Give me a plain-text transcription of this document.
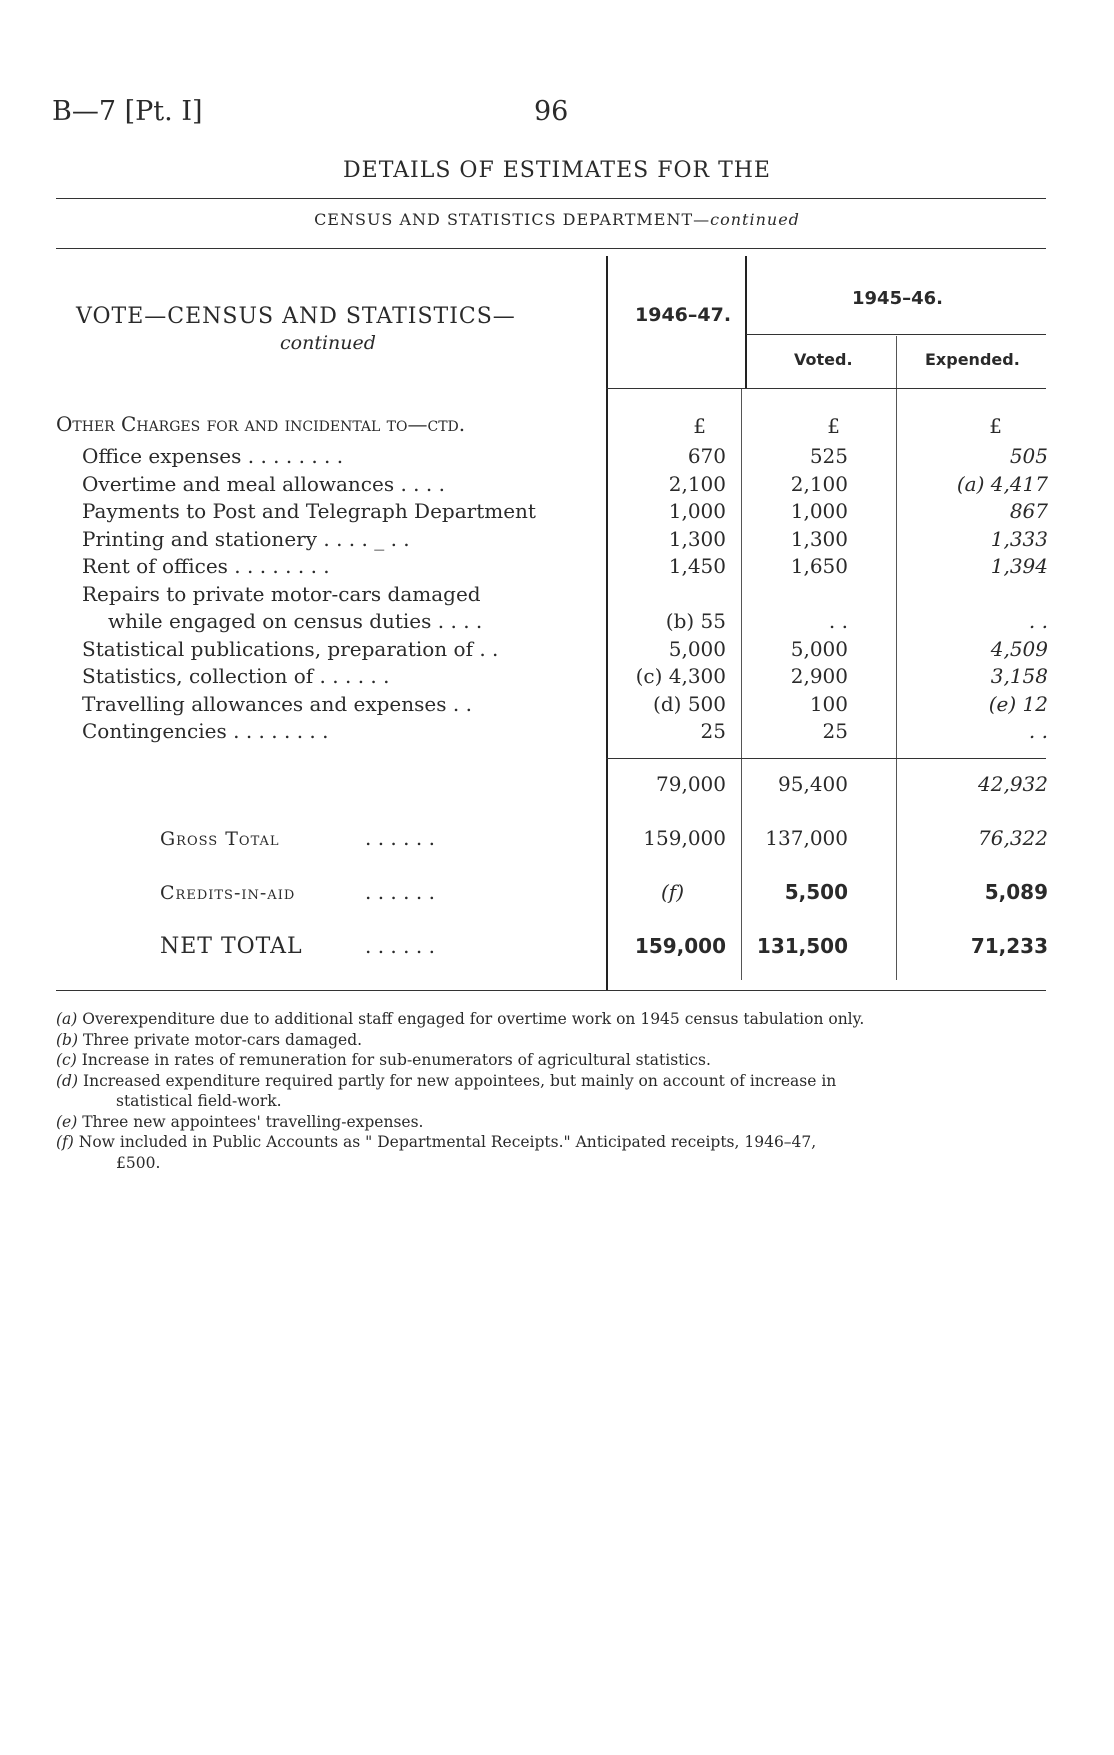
B—7 [Pt. I]	96
DETAILS OF ESTIMATES FOR THE
CENSUS AND STATISTICS DEPARTMENT—continued
VOTE—CENSUS AND STATISTICS—
continued
1946–47.
1945–46.
Voted.	Expended.
Other Charges for and incidental to—ctd.	£	£	£
Office expenses . . . . . . . .	670	525	505
Overtime and meal allowances . . . .	2,100	2,100	(a) 4,417
Payments to Post and Telegraph Department	1,000	1,000	867
Printing and stationery . . . . _ . .	1,300	1,300	1,333
Rent of offices . . . . . . . .	1,450	1,650	1,394
Repairs to private motor-cars damaged
while engaged on census duties . . . .	(b) 55	. .	. .
Statistical publications, preparation of . .	5,000	5,000	4,509
Statistics, collection of . . . . . .	(c) 4,300	2,900	3,158
Travelling allowances and expenses . .	(d) 500	100	(e) 12
Contingencies . . . . . . . .	25	25	. .
79,000	95,400	42,932
Gross Total	. . . . . .	159,000	137,000	76,322
Credits-in-aid	. . . . . .	(f)	5,500	5,089
NET TOTAL	. . . . . .	159,000	131,500	71,233
(a) Overexpenditure due to additional staff engaged for overtime work on 1945 census tabulation only.
(b) Three private motor-cars damaged.
(c) Increase in rates of remuneration for sub-enumerators of agricultural statistics.
(d) Increased expenditure required partly for new appointees, but mainly on account of increase in
statistical field-work.
(e) Three new appointees' travelling-expenses.
(f) Now included in Public Accounts as " Departmental Receipts." Anticipated receipts, 1946–47,
£500.
